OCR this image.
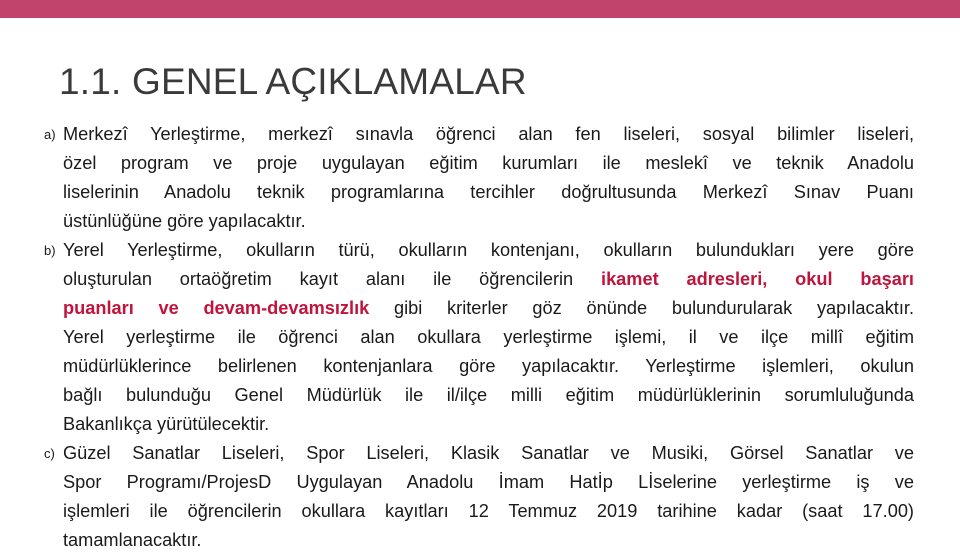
1.1. GENEL AÇIKLAMALAR
a) Merkezî Yerleştirme, merkezî sınavla öğrenci alan fen liseleri, sosyal bilimler liseleri,
özel program ve proje uygulayan eğitim kurumları ile meslekî ve teknik Anadolu
liselerinin Anadolu teknik programlarına tercihler doğrultusunda Merkezî Sınav Puanı
üstünlüğüne göre yapılacaktır.
b) Yerel Yerleştirme, okulların türü, okulların kontenjanı, okulların bulundukları yere göre
oluşturulan ortaöğretim kayıt alanı ile öğrencilerin ikamet adresleri, okul başarı
puanları ve devam-devamsızlık gibi kriterler göz önünde bulundurularak yapılacaktır.
Yerel yerleştirme ile öğrenci alan okullara yerleştirme işlemi, il ve ilçe millî eğitim
müdürlüklerince belirlenen kontenjanlara göre yapılacaktır. Yerleştirme işlemleri, okulun
bağlı bulunduğu Genel Müdürlük ile il/ilçe milli eğitim müdürlüklerinin sorumluluğunda
Bakanlıkça yürütülecektir.
c) Güzel Sanatlar Liseleri, Spor Liseleri, Klasik Sanatlar ve Musiki, Görsel Sanatlar ve
Spor Programı/ProjesD Uygulayan Anadolu İmam Hatİp Lİselerine yerleştirme iş ve
işlemleri ile öğrencilerin okullara kayıtları 12 Temmuz 2019 tarihine kadar (saat 17.00)
tamamlanacaktır.
